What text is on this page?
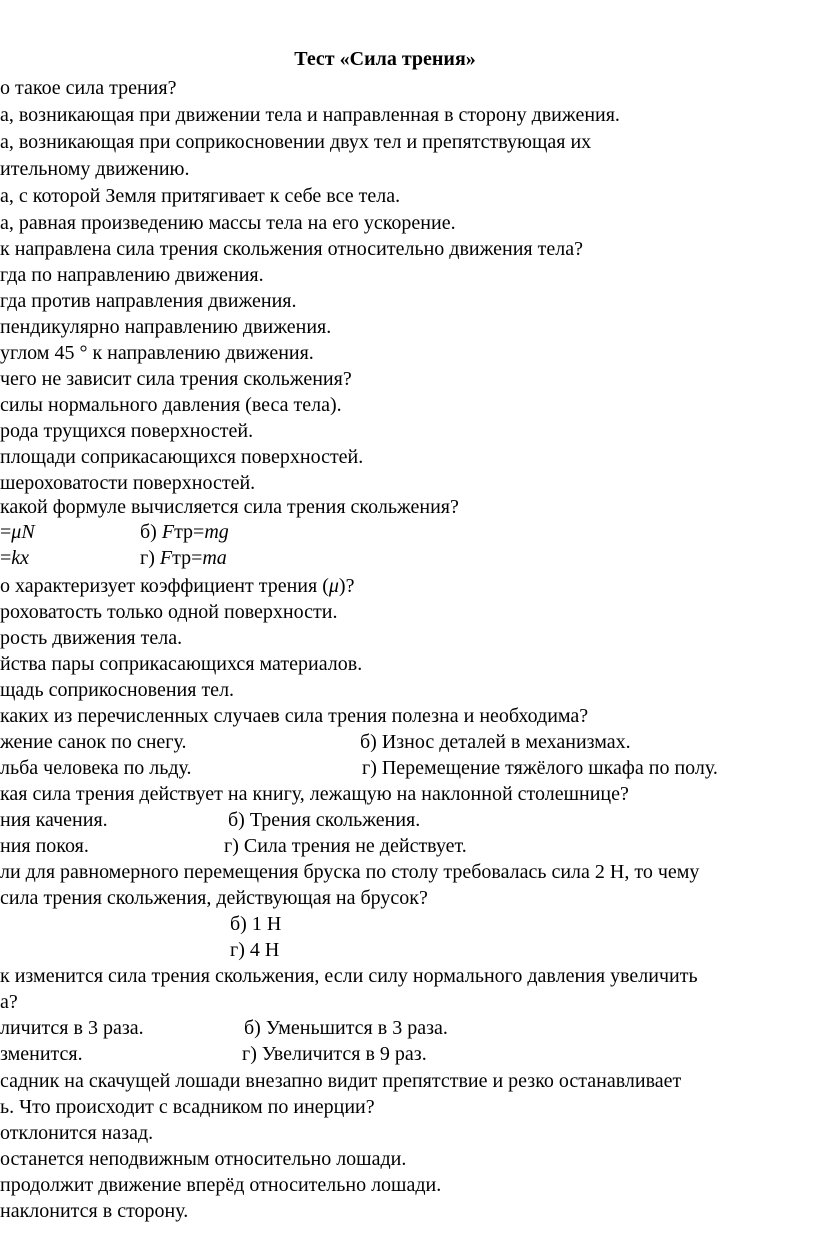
Тест «Сила трения»
о такое сила трения?
а, возникающая при движении тела и направленная в сторону движения.
а, возникающая при соприкосновении двух тел и препятствующая их
ительному движению.
а, с которой Земля притягивает к себе все тела.
а, равная произведению массы тела на его ускорение.
к направлена сила трения скольжения относительно движения тела?
гда по направлению движения.
гда против направления движения.
пендикулярно направлению движения.
углом 45 ° к направлению движения.
чего не зависит сила трения скольжения?
силы нормального давления (веса тела).
рода трущихся поверхностей.
площади соприкасающихся поверхностей.
шероховатости поверхностей.
какой формуле вычисляется сила трения скольжения?
=μN	б) Fтр=mg
=kx	г) Fтр=ma
о характеризует коэффициент трения (μ)?
роховатость только одной поверхности.
рость движения тела.
йства пары соприкасающихся материалов.
щадь соприкосновения тел.
каких из перечисленных случаев сила трения полезна и необходима?
жение санок по снегу.	б) Износ деталей в механизмах.
льба человека по льду.	г) Перемещение тяжёлого шкафа по полу.
кая сила трения действует на книгу, лежащую на наклонной столешнице?
ния качения.	б) Трения скольжения.
ния покоя.	г) Сила трения не действует.
ли для равномерного перемещения бруска по столу требовалась сила 2 Н, то чему
сила трения скольжения, действующая на брусок?
б) 1 Н
г) 4 Н
к изменится сила трения скольжения, если силу нормального давления увеличить
а?
личится в 3 раза.	б) Уменьшится в 3 раза.
зменится.	г) Увеличится в 9 раз.
садник на скачущей лошади внезапно видит препятствие и резко останавливает
ь. Что происходит с всадником по инерции?
отклонится назад.
останется неподвижным относительно лошади.
продолжит движение вперёд относительно лошади.
наклонится в сторону.
